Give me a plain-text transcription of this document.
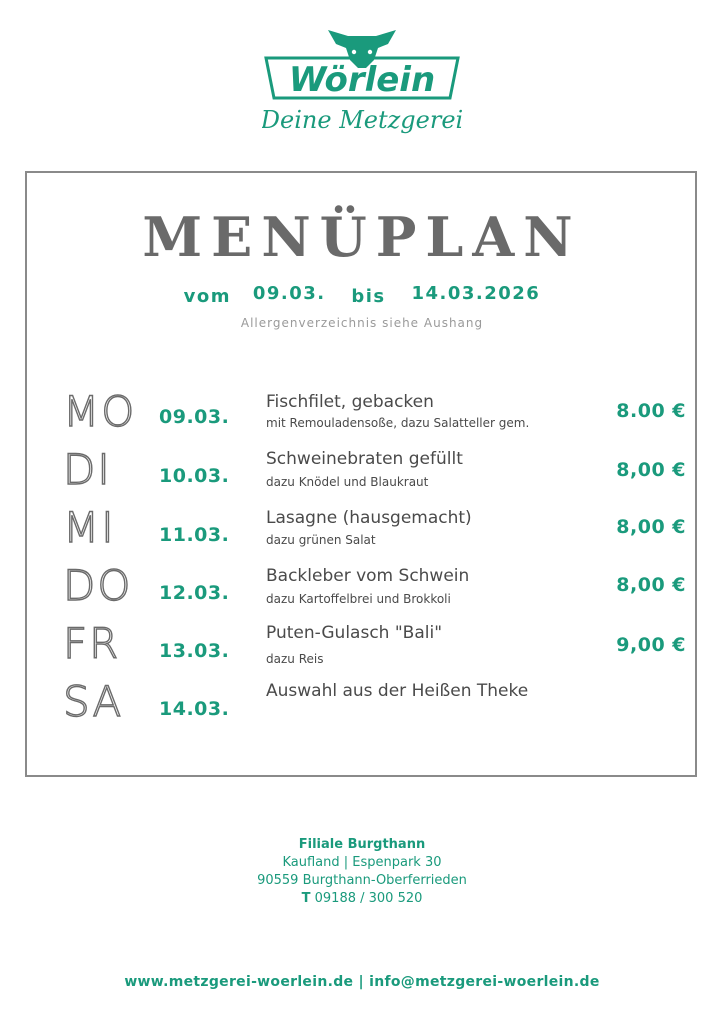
Wörlein
Deine Metzgerei
MENÜPLAN
vom 09.03. bis 14.03.2026
Allergenverzeichnis siehe Aushang
MO 09.03.
Fischfilet, gebacken
mit Remouladensoße, dazu Salatteller gem.
8.00 €
DI 10.03.
Schweinebraten gefüllt
dazu Knödel und Blaukraut
8,00 €
MI 11.03.
Lasagne (hausgemacht)
dazu grünen Salat
8,00 €
DO 12.03.
Backleber vom Schwein
dazu Kartoffelbrei und Brokkoli
8,00 €
FR 13.03.
Puten-Gulasch "Bali"
dazu Reis
9,00 €
SA 14.03.
Auswahl aus der Heißen Theke
Filiale Burgthann
Kaufland | Espenpark 30
90559 Burgthann-Oberferrieden
T 09188 / 300 520
www.metzgerei-woerlein.de | info@metzgerei-woerlein.de
